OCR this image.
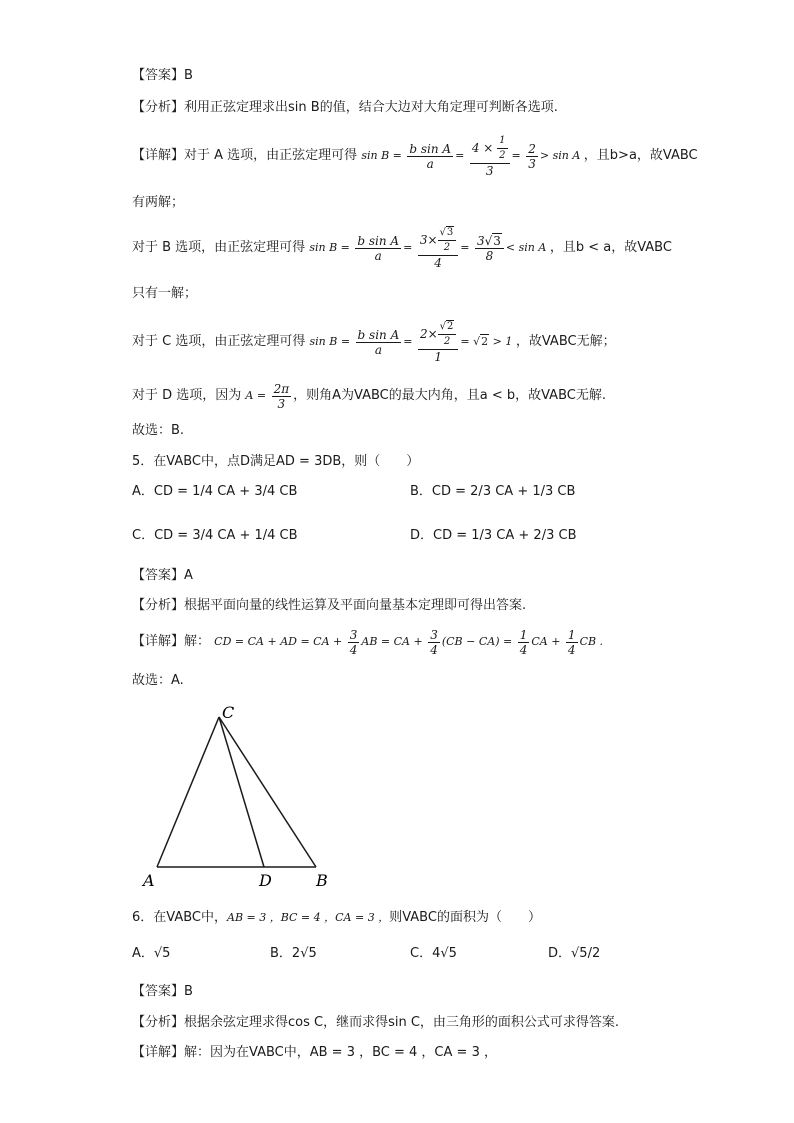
【答案】B
【分析】利用正弦定理求出sin B的值，结合大边对大角定理可判断各选项.
【详解】对于 A 选项，由正弦定理可得 $\sin B = \frac{\text{b sin A}}{a} = \frac{4 \times \frac{1}{2}}{3} = \frac{2}{3} > \sin A$ ，且b>a，故VABC
有两解；
对于 B 选项，由正弦定理可得 $\sin B = \frac{\text{b sin A}}{a} = \frac{3\times \frac{√3}{2}}{4} = \frac{3√3}{8} < \sin A$ ，且b < a，故VABC
只有一解；
对于 C 选项，由正弦定理可得 $\sin B = \frac{\text{b sin A}}{a} = \frac{2\times \frac{√2}{2}}{1} = √2 > 1$ ，故VABC无解；
对于 D 选项，因为 $A = \frac{2\pi}{3}$ ，则角A为VABC的最大内角，且a < b，故VABC无解.
故选：B.
5．在VABC中，点D满足AD = 3DB，则（　　）
A．CD = 1/4 CA + 3/4 CB	B．CD = 2/3 CA + 1/3 CB
C．CD = 3/4 CA + 1/4 CB	D．CD = 1/3 CA + 2/3 CB
【答案】A
【分析】根据平面向量的线性运算及平面向量基本定理即可得出答案.
【详解】解： CD = CA + AD = CA + $\frac{3}{4}$ AB = CA + $\frac{3}{4} (CB - CA) = \frac{1}{4}$ CA + $\frac{1}{4}$ CB .
故选：A.
C
A	D	B
6．在VABC中，AB = 3 ，BC = 4 ，CA = 3 ，则VABC的面积为（　　）
A．√5	B．2√5	C．4√5	D．√5/2
【答案】B
【分析】根据余弦定理求得cos C，继而求得sin C，由三角形的面积公式可求得答案.
【详解】解：因为在VABC中，AB = 3 ，BC = 4 ，CA = 3 ，
